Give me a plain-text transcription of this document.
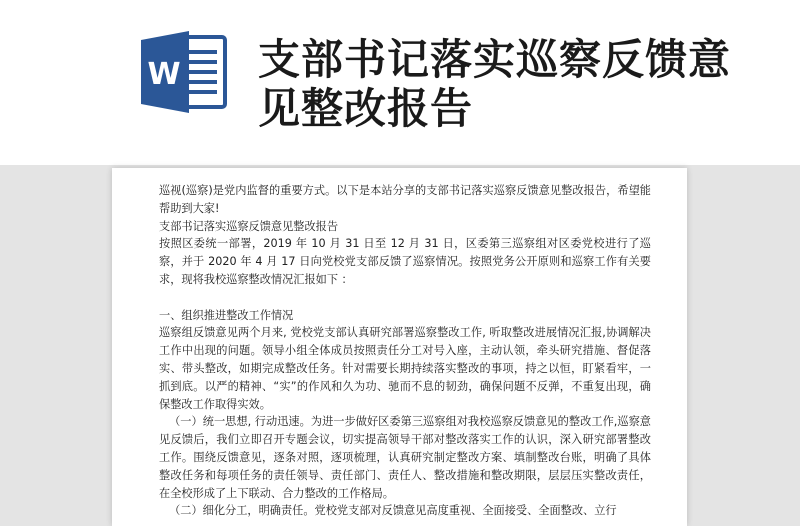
W 支部书记落实巡察反馈意见整改报告

巡视(巡察)是党内监督的重要方式。以下是本站分享的支部书记落实巡察反馈意见整改报告，希望能帮助到大家!

支部书记落实巡察反馈意见整改报告

按照区委统一部署，2019 年 10 月 31 日至 12 月 31 日，区委第三巡察组对区委党校进行了巡察，并于 2020 年 4 月 17 日向党校党支部反馈了巡察情况。按照党务公开原则和巡察工作有关要求，现将我校巡察整改情况汇报如下 ：

一、组织推进整改工作情况

巡察组反馈意见两个月来, 党校党支部认真研究部署巡察整改工作, 听取整改进展情况汇报,协调解决工作中出现的问题。领导小组全体成员按照责任分工对号入座，主动认领，牵头研究措施、督促落实、带头整改，如期完成整改任务。针对需要长期持续落实整改的事项，持之以恒，盯紧看牢，一抓到底。以严的精神、“实”的作风和久为功、驰而不息的韧劲，确保问题不反弹，不重复出现，确保整改工作取得实效。

（一）统一思想, 行动迅速。为进一步做好区委第三巡察组对我校巡察反馈意见的整改工作,巡察意见反馈后，我们立即召开专题会议，切实提高领导干部对整改落实工作的认识，深入研究部署整改工作。围绕反馈意见，逐条对照，逐项梳理，认真研究制定整改方案、填制整改台账，明确了具体整改任务和每项任务的责任领导、责任部门、责任人、整改措施和整改期限，层层压实整改责任，在全校形成了上下联动、合力整改的工作格局。

（二）细化分工，明确责任。党校党支部对反馈意见高度重视、全面接受、全面整改、立行
